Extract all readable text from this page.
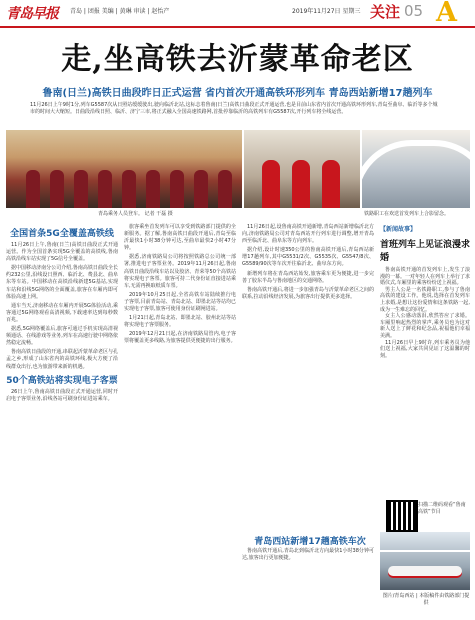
青岛早报 青岛 | 团报 美编 | 黄琳 审读 | 赵怡产	2019年11月27日 星期三 关注 05 A
走,坐高铁去沂蒙革命老区
鲁南(日兰)高铁日曲段昨日正式运营 省内首次开通高铁环形列车 青岛西站新增17趟列车
11月26日上午9时1分,列车G5587次从日照站缓缓驶出,驶向临沂北站,这标志着鲁南(日兰)高铁日曲段正式开通运营,也是目前山东省内首次开通高铁环形列车,青岛至曲阜、临沂等多个城市的时间大大缩短。日曲段沿线日照、临沂、济宁三市,将正式融入全国高速铁路网,首批停靠临沂的高铁列车有G5587次,开行列车将全线运营。
青岛乘务人员登车。 记者 干磊 摄	铁路职工在欢送首发列车上合影留念。
全国首条5G全覆盖高铁线

11月26日上午,鲁南(日兰)高铁日曲段正式开通运营。作为全国首条实现5G全覆盖的高铁线,鲁南高铁沿线车站实现了5G信号全覆盖。

据中国移动济南分公司介绍,鲁南高铁日曲段全长约232公里,沿线设日照西、临沂北、费县北、曲阜东等车站。中国移动在高铁沿线新建5G基站,实现车站和沿线5G网络的全面覆盖,旅客在车厢内即可体验高速上网。

通车当天,济南移动在车厢内开展5G体验活动,乘客通过5G网络观看高清视频,下载速率达到每秒数百兆。

据悉,5G网络覆盖后,旅客可通过手机实现高清视频通话、在线游戏等业务,列车在高速行驶中网络依然稳定流畅。

鲁南高铁日曲段的开通,串联起沂蒙革命老区与孔孟之乡,形成了山东省内的高铁环线,极大方便了沿线群众出行,也为旅游带来新的机遇。

50个高铁站将实现电子客票

26日上午,鲁南高铁日曲段正式开通运营,同时开启电子客票业务,沿线各站可刷身份证进站乘车。

旅客乘坐首发列车可以享受到铁路部门提供的全新服务。据了解,鲁南高铁日曲段开通后,青岛至临沂最快1小时38分钟可达,至曲阜最快2小时47分钟。

据悉,济南铁路局公司将按照铁路总公司统一部署,推进电子客票业务。2019年11月26日起,鲁南高铁日曲段沿线车站以及胶济、青荣等50个高铁站将实现电子客票。旅客可持二代身份证直接进站乘车,无需再换取纸质车票。

2019年10月25日起,全省高铁车站陆续推行电子客票,目前青岛站、青岛北站、即墨北站等站均已实现电子客票,旅客可使用身份证刷闸进站。

1月21日起,青岛北站、即墨北站、胶州北站等站将实现电子客票服务。

2019年12月21日起,在济南铁路局管内,电子客票将覆盖更多线路,为旅客提供更便捷的出行服务。

11月26日起,设鲁南高铁开通新增,青岛西站新增临沂北方向,济南铁路局公司对青岛西站开行列车进行调整,增开青岛西至临沂北、曲阜东等方向列车。

据介绍,设计时速350公里的鲁南高铁开通后,青岛西站新增17趟列车,其中G5531/2次、G5535次、G5547/8次、G5589/90次等车次开往临沂北、曲阜东方向。

新增列车将在青岛西站始发,旅客乘车更为便捷,进一步完善了胶东半岛与鲁南地区的交通网络。

鲁南高铁开通后,将进一步加强青岛与沂蒙革命老区之间的联系,拉动沿线经济发展,为旅客出行提供更多选择。

青岛西站新增17趟高铁车次

鲁南高铁开通后,青岛北到临沂北方向最快1小时38分钟可达,旅客出行更加便捷。

【新闻故事】
首班列车上见证浪漫求婚

鲁南高铁开通的首发列车上,发生了浪漫的一幕。一对年轻人在列车上举行了求婚仪式,车厢里的乘客纷纷送上祝福。

男主人公是一名铁路职工,参与了鲁南高铁的建设工作。他说,选择在首发列车上求婚,是想让这份爱情和这条铁路一起,成为一生难忘的回忆。

女主人公感动落泪,欣然答应了求婚。车厢里响起热烈的掌声,乘务员也为这对新人送上了鲜花和纪念品,祝福他们幸福美满。

11月26日早上9时许,列车乘务员为他们送上祝福,大家共同见证了这温馨的时刻。

扫描二维码观看“鲁南高铁”节目
图片/青岛西站 | 本版稿件由铁路部门提供
